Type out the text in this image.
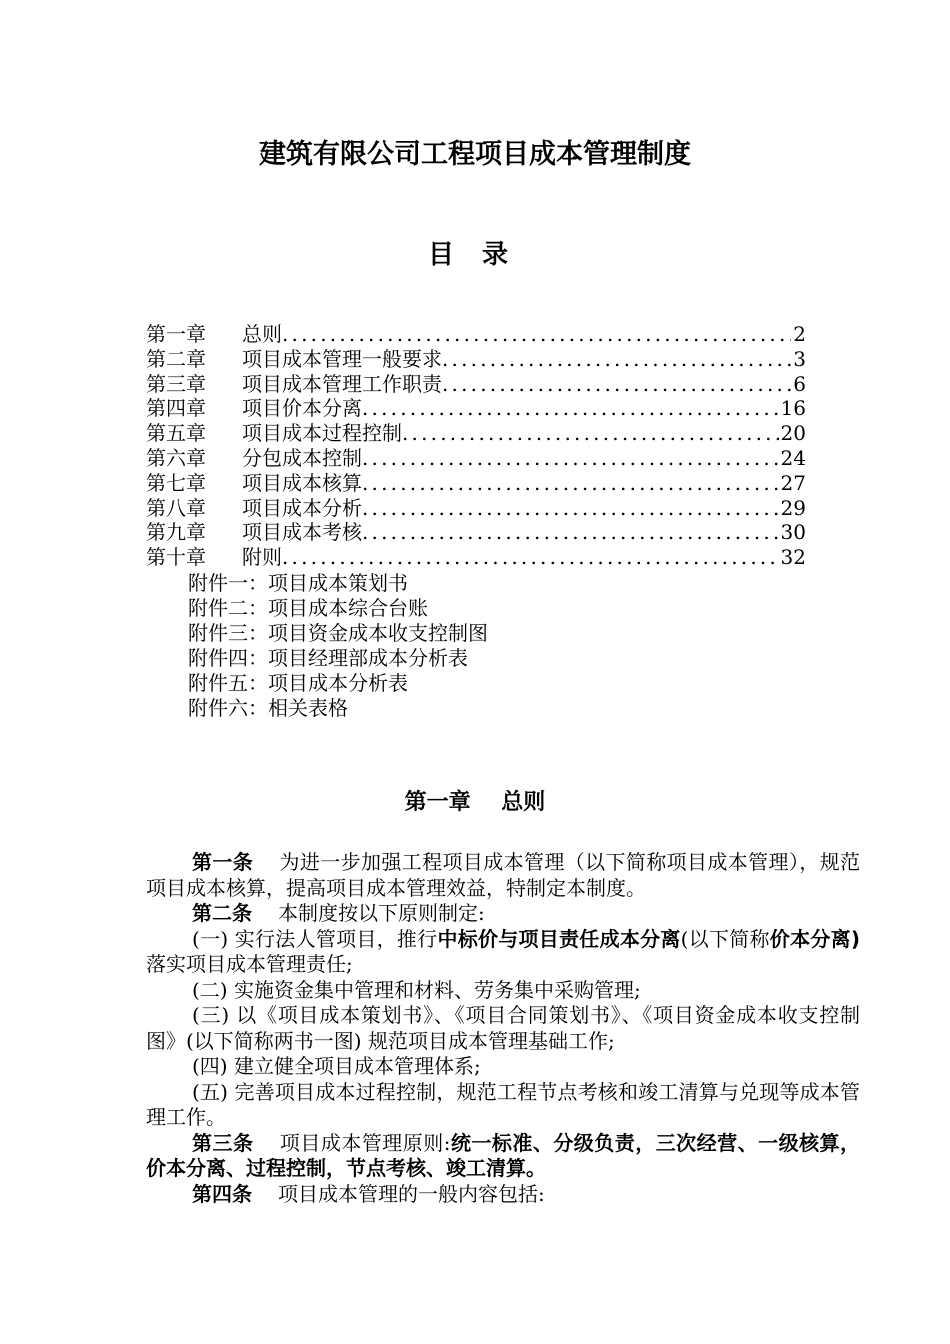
建筑有限公司工程项目成本管理制度
目录
第一章	总则 .....	2
第二章	项目成本管理一般要求 .....	3
第三章	项目成本管理工作职责 .....	6
第四章	项目价本分离 .....	16
第五章	项目成本过程控制 .....	20
第六章	分包成本控制 .....	24
第七章	项目成本核算 .....	27
第八章	项目成本分析 .....	29
第九章	项目成本考核 .....	30
第十章	附则 .....	32
附件一：项目成本策划书
附件二：项目成本综合台账
附件三：项目资金成本收支控制图
附件四：项目经理部成本分析表
附件五：项目成本分析表
附件六：相关表格
第一章    总则

第一条 为进一步加强工程项目成本管理（以下简称项目成本管理），规范项目成本核算，提高项目成本管理效益，特制定本制度。

第二条 本制度按以下原则制定:

(一) 实行法人管项目，推行中标价与项目责任成本分离(以下简称价本分离)落实项目成本管理责任;

(二) 实施资金集中管理和材料、劳务集中采购管理;

(三) 以《项目成本策划书》、《项目合同策划书》、《项目资金成本收支控制图》(以下简称两书一图) 规范项目成本管理基础工作;

(四) 建立健全项目成本管理体系;

(五) 完善项目成本过程控制，规范工程节点考核和竣工清算与兑现等成本管理工作。

第三条 项目成本管理原则:统一标准、分级负责，三次经营、一级核算，价本分离、过程控制，节点考核、竣工清算。

第四条 项目成本管理的一般内容包括:
